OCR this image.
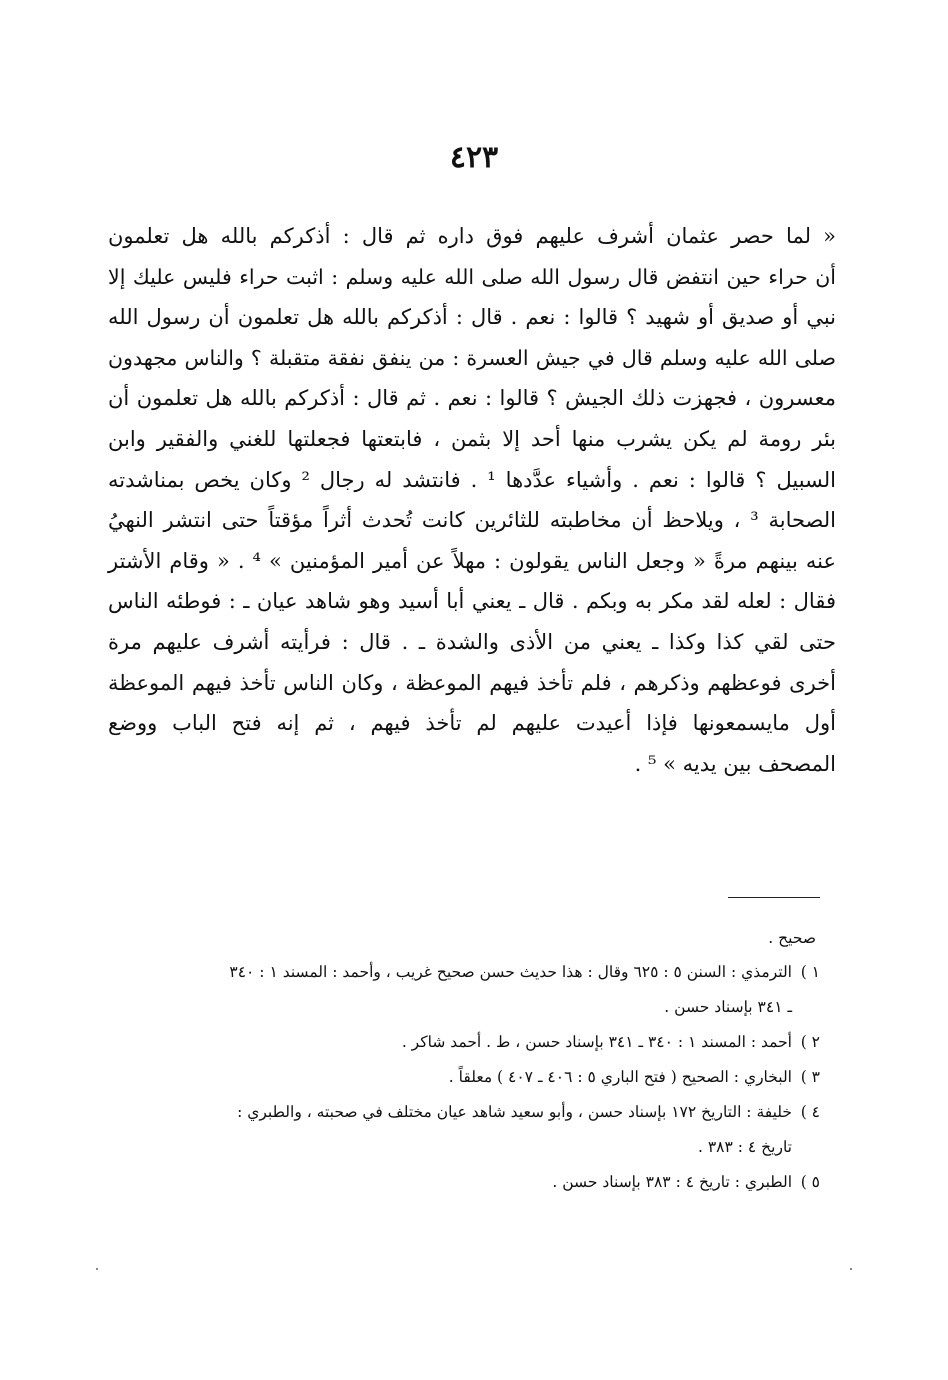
٤٢٣
« لما حصر عثمان أشرف عليهم فوق داره ثم قال : أذكركم بالله هل تعلمون
أن حراء حين انتفض قال رسول الله صلى الله عليه وسلم : اثبت حراء فليس عليك إلا
نبي أو صديق أو شهيد ؟ قالوا : نعم . قال : أذكركم بالله هل تعلمون أن رسول الله
صلى الله عليه وسلم قال في جيش العسرة : من ينفق نفقة متقبلة ؟ والناس مجهدون
معسرون ، فجهزت ذلك الجيش ؟ قالوا : نعم . ثم قال : أذكركم بالله هل تعلمون أن
بئر رومة لم يكن يشرب منها أحد إلا بثمن ، فابتعتها فجعلتها للغني والفقير وابن
السبيل ؟ قالوا : نعم . وأشياء عدَّدها ¹ . فانتشد له رجال ² وكان يخص بمناشدته
الصحابة ³ ، ويلاحظ أن مخاطبته للثائرين كانت تُحدث أثراً مؤقتاً حتى انتشر النهيُ
عنه بينهم مرةً « وجعل الناس يقولون : مهلاً عن أمير المؤمنين » ⁴ . « وقام الأشتر
فقال : لعله لقد مكر به وبكم . قال ـ يعني أبا أسيد وهو شاهد عيان ـ : فوطئه الناس
حتى لقي كذا وكذا ـ يعني من الأذى والشدة ـ . قال : فرأيته أشرف عليهم مرة
أخرى فوعظهم وذكرهم ، فلم تأخذ فيهم الموعظة ، وكان الناس تأخذ فيهم الموعظة
أول مايسمعونها فإذا أعيدت عليهم لم تأخذ فيهم ، ثم إنه فتح الباب ووضع
المصحف بين يديه » ⁵ .
صحيح .
١ )الترمذي : السنن ٥ : ٦٢٥ وقال : هذا حديث حسن صحيح غريب ، وأحمد : المسند ١ : ٣٤٠
ـ ٣٤١ بإسناد حسن .
٢ )أحمد : المسند ١ : ٣٤٠ ـ ٣٤١ بإسناد حسن ، ط . أحمد شاكر .
٣ )البخاري : الصحيح ( فتح الباري ٥ : ٤٠٦ ـ ٤٠٧ ) معلقاً .
٤ )خليفة : التاريخ ١٧٢ بإسناد حسن ، وأبو سعيد شاهد عيان مختلف في صحبته ، والطبري :
تاريخ ٤ : ٣٨٣ .
٥ )الطبري : تاريخ ٤ : ٣٨٣ بإسناد حسن .
